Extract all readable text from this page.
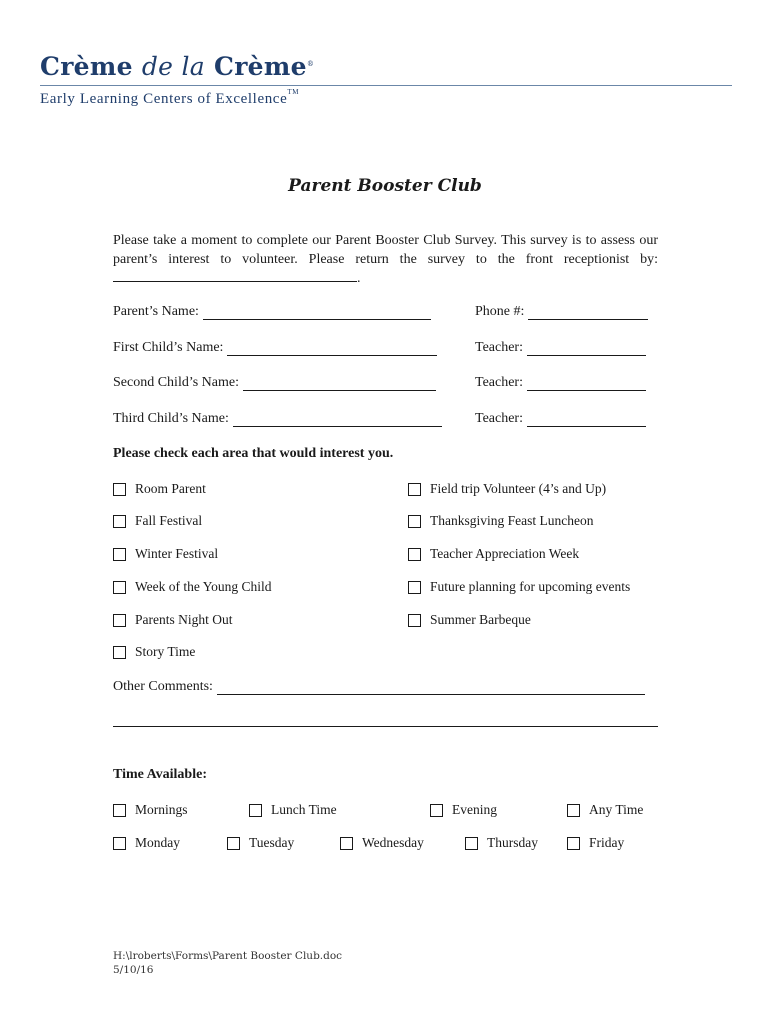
Crème de la Crème®
Early Learning Centers of Excellence™
Parent Booster Club
Please take a moment to complete our Parent Booster Club Survey. This survey is to assess our parent’s interest to volunteer. Please return the survey to the front receptionist by: .
Parent’s Name:	Phone #:
First Child’s Name:	Teacher:
Second Child’s Name:	Teacher:
Third Child’s Name:	Teacher:
Please check each area that would interest you.
Room Parent
Fall Festival
Winter Festival
Week of the Young Child
Parents Night Out
Story Time
Field trip Volunteer (4’s and Up)
Thanksgiving Feast Luncheon
Teacher Appreciation Week
Future planning for upcoming events
Summer Barbeque
Other Comments:
Time Available:
Mornings	Lunch Time	Evening	Any Time
Monday	Tuesday	Wednesday	Thursday	Friday
H:\lroberts\Forms\Parent Booster Club.doc
5/10/16
